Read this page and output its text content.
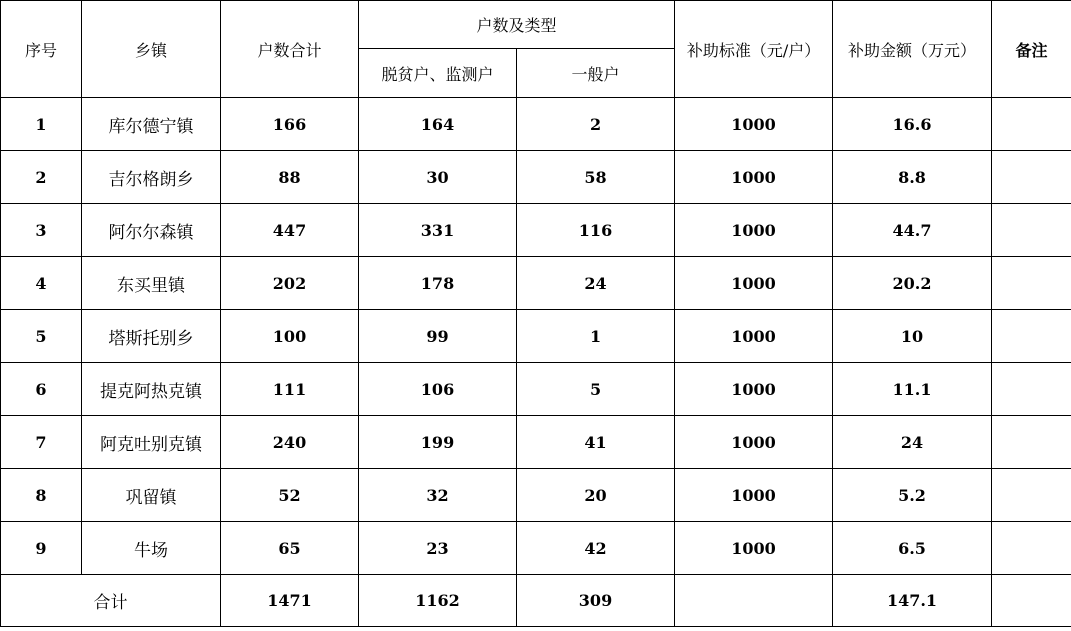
序号	乡镇	户数合计	户数及类型		补助标准（元/户）	补助金额（万元）	备注
			脱贫户、监测户	一般户			
1	库尔德宁镇	166	164	2	1000	16.6	
2	吉尔格朗乡	88	30	58	1000	8.8	
3	阿尔尔森镇	447	331	116	1000	44.7	
4	东买里镇	202	178	24	1000	20.2	
5	塔斯托别乡	100	99	1	1000	10	
6	提克阿热克镇	111	106	5	1000	11.1	
7	阿克吐别克镇	240	199	41	1000	24	
8	巩留镇	52	32	20	1000	5.2	
9	牛场	65	23	42	1000	6.5	
合计		1471	1162	309		147.1	
